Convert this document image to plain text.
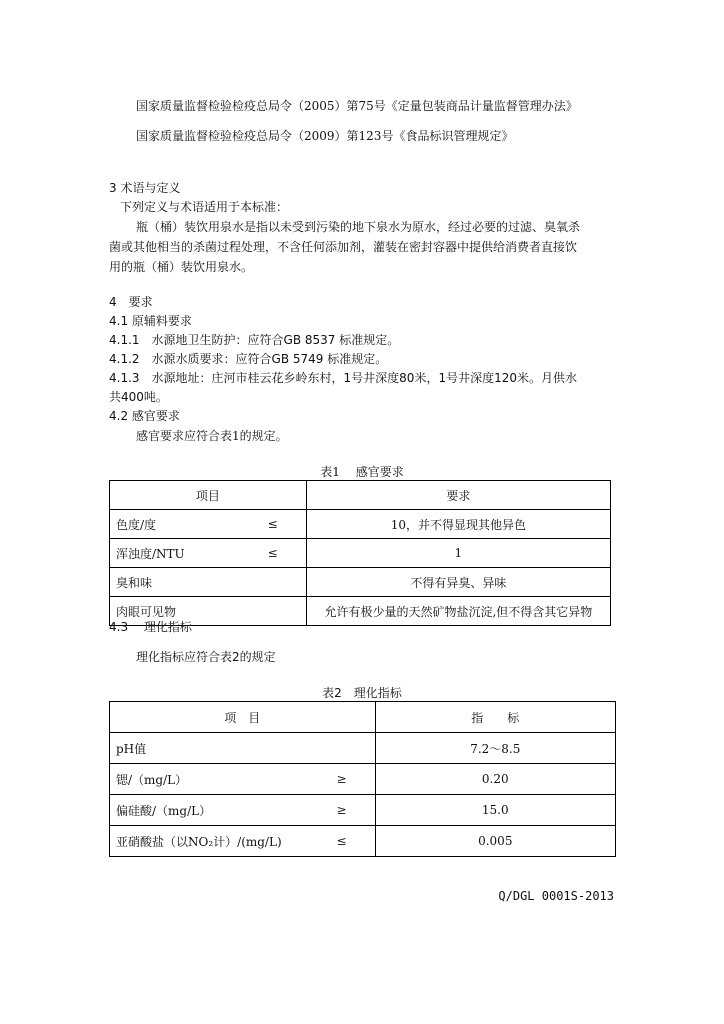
国家质量监督检验检疫总局令（2005）第75号《定量包装商品计量监督管理办法》
国家质量监督检验检疫总局令（2009）第123号《食品标识管理规定》
3 术语与定义
下列定义与术语适用于本标准：
瓶（桶）装饮用泉水是指以未受到污染的地下泉水为原水，经过必要的过滤、臭氧杀
菌或其他相当的杀菌过程处理，不含任何添加剂，灌装在密封容器中提供给消费者直接饮
用的瓶（桶）装饮用泉水。
4　要求
4.1 原辅料要求
4.1.1　水源地卫生防护：应符合GB 8537 标准规定。
4.1.2　水源水质要求：应符合GB 5749 标准规定。
4.1.3　水源地址：庄河市桂云花乡岭东村，1号井深度80米，1号井深度120米。月供水
共400吨。
4.2 感官要求
感官要求应符合表1的规定。
表1　 感官要求
项目	要求

色度/度 ≤	10，并不得显现其他异色

浑浊度/NTU ≤	1

臭和味	不得有异臭、异味

肉眼可见物	允许有极少量的天然矿物盐沉淀,但不得含其它异物
4.3　 理化指标
理化指标应符合表2的规定
表2　理化指标
项　目	指　　标

pH值	7.2～8.5

锶/（mg/L） ≥	0.20

偏硅酸/（mg/L） ≥	15.0

亚硝酸盐（以NO₂计）/(mg/L) ≤	0.005
Q/DGL 0001S-2013
